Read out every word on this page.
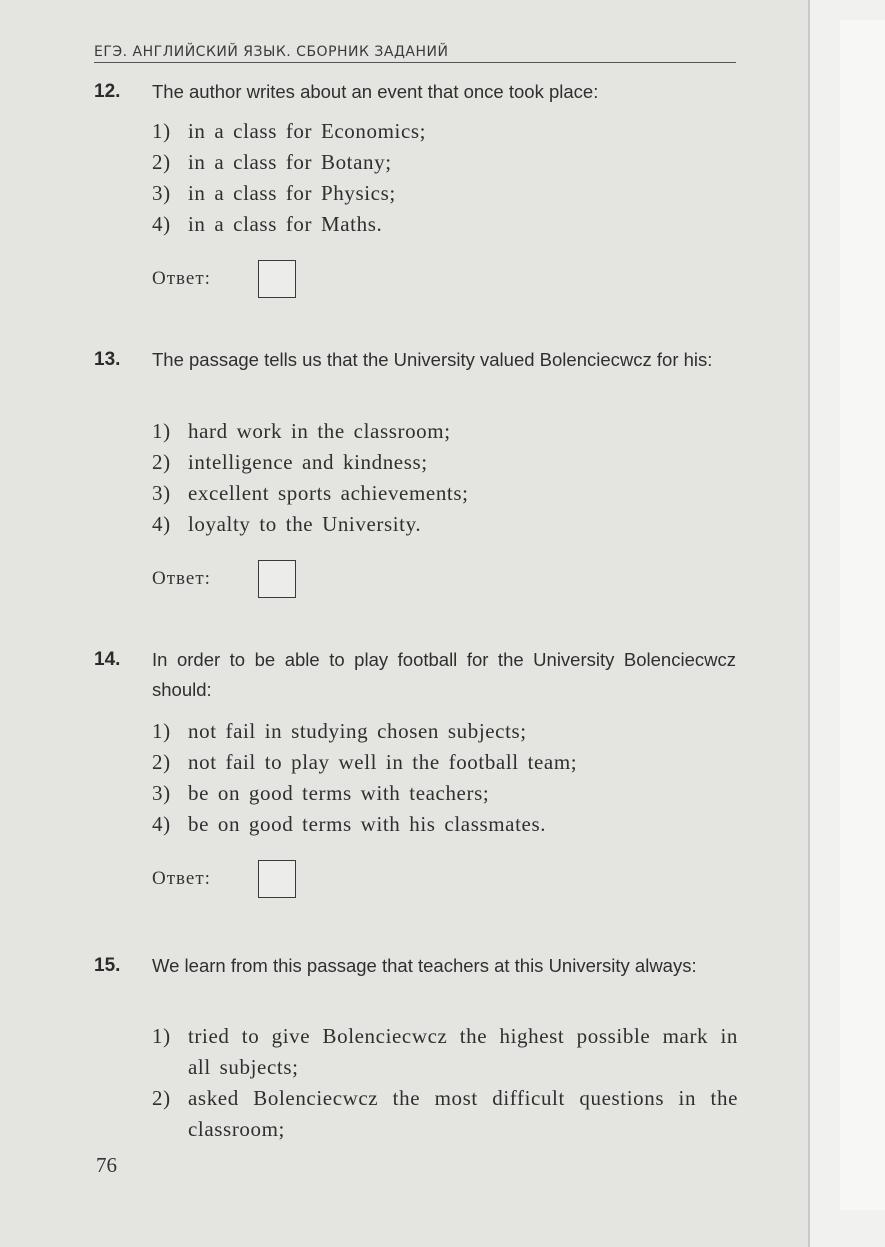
ЕГЭ. АНГЛИЙСКИЙ ЯЗЫК. СБОРНИК ЗАДАНИЙ
12. The author writes about an event that once took place:
1) in a class for Economics;
2) in a class for Botany;
3) in a class for Physics;
4) in a class for Maths.
Ответ:
13. The passage tells us that the University valued Bolenciecwcz for his:
1) hard work in the classroom;
2) intelligence and kindness;
3) excellent sports achievements;
4) loyalty to the University.
Ответ:
14. In order to be able to play football for the University Bolenciecwcz should:
1) not fail in studying chosen subjects;
2) not fail to play well in the football team;
3) be on good terms with teachers;
4) be on good terms with his classmates.
Ответ:
15. We learn from this passage that teachers at this University always:
1) tried to give Bolenciecwcz the highest possible mark in all subjects;
2) asked Bolenciecwcz the most difficult questions in the classroom;
76
